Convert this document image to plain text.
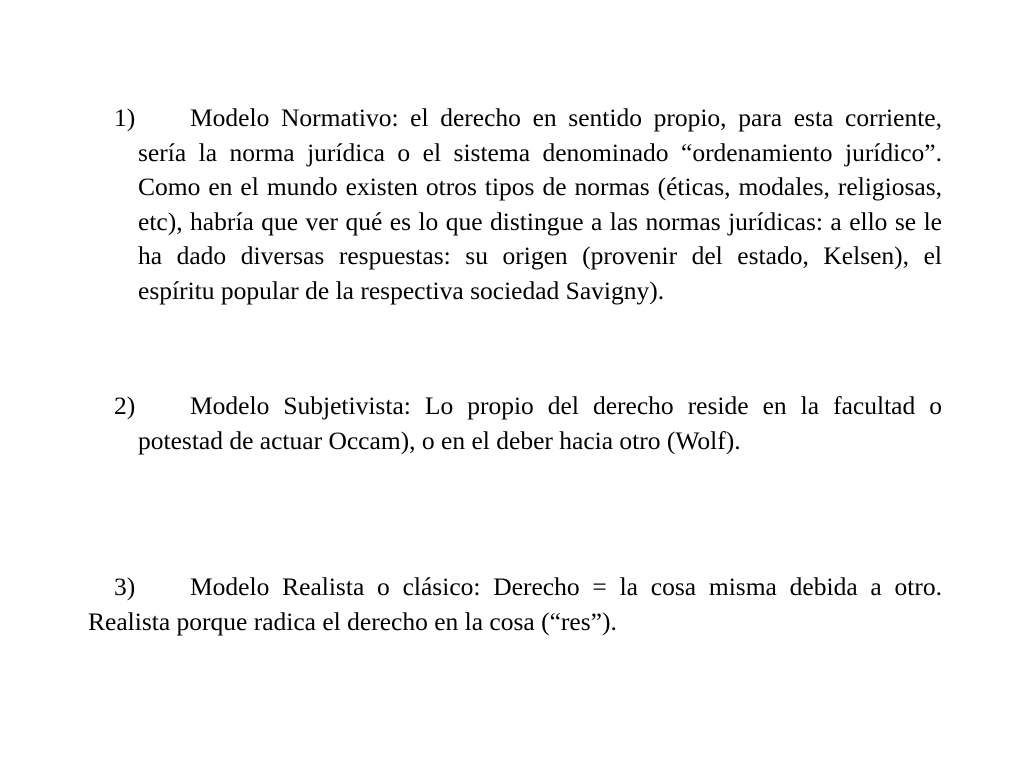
1)	Modelo Normativo: el derecho en sentido propio, para esta corriente, sería la norma jurídica o el sistema denominado “ordenamiento jurídico”. Como en el mundo existen otros tipos de normas (éticas, modales, religiosas, etc), habría que ver qué es lo que distingue a las normas jurídicas: a ello se le ha dado diversas respuestas: su origen (provenir del estado, Kelsen), el espíritu popular de la respectiva sociedad Savigny).
2)	Modelo Subjetivista: Lo propio del derecho reside en la facultad o potestad de actuar Occam), o en el deber hacia otro (Wolf).
3) Modelo Realista o clásico: Derecho = la cosa misma debida a otro. Realista porque radica el derecho en la cosa (“res”).
